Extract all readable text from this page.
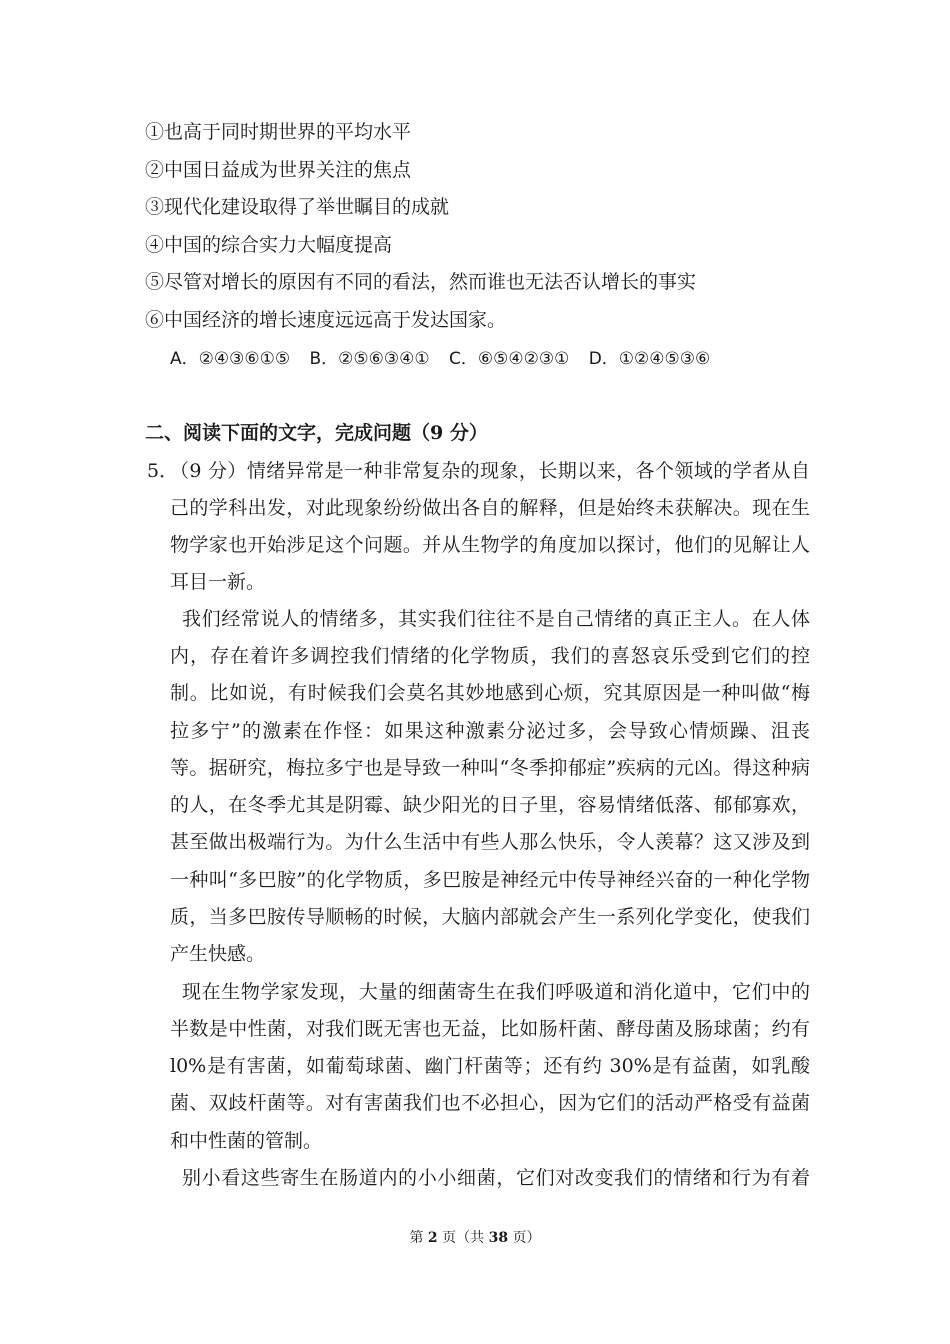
①也高于同时期世界的平均水平
②中国日益成为世界关注的焦点
③现代化建设取得了举世瞩目的成就
④中国的综合实力大幅度提高
⑤尽管对增长的原因有不同的看法，然而谁也无法否认增长的事实
⑥中国经济的增长速度远远高于发达国家。
A．②④③⑥①⑤ B．②⑤⑥③④① C．⑥⑤④②③① D．①②④⑤③⑥
二、阅读下面的文字，完成问题（9 分）
5．
（9 分）情绪异常是一种非常复杂的现象，长期以来，各个领域的学者从自
己的学科出发，对此现象纷纷做出各自的解释，但是始终未获解决。现在生
物学家也开始涉足这个问题。并从生物学的角度加以探讨，他们的见解让人
耳目一新。
我们经常说人的情绪多，其实我们往往不是自己情绪的真正主人。在人体
内，存在着许多调控我们情绪的化学物质，我们的喜怒哀乐受到它们的控
制。比如说，有时候我们会莫名其妙地感到心烦，究其原因是一种叫做“梅
拉多宁”的激素在作怪：如果这种激素分泌过多，会导致心情烦躁、沮丧
等。据研究，梅拉多宁也是导致一种叫“冬季抑郁症”疾病的元凶。得这种病
的人，在冬季尤其是阴霉、缺少阳光的日子里，容易情绪低落、郁郁寡欢，
甚至做出极端行为。为什么生活中有些人那么快乐，令人羡幕？这又涉及到
一种叫“多巴胺”的化学物质，多巴胺是神经元中传导神经兴奋的一种化学物
质，当多巴胺传导顺畅的时候，大脑内部就会产生一系列化学变化，使我们
产生快感。
现在生物学家发现，大量的细菌寄生在我们呼吸道和消化道中，它们中的
半数是中性菌，对我们既无害也无益，比如肠杆菌、酵母菌及肠球菌；约有
l0%是有害菌，如葡萄球菌、幽门杆菌等；还有约 30%是有益菌，如乳酸
菌、双歧杆菌等。对有害菌我们也不必担心，因为它们的活动严格受有益菌
和中性菌的管制。
别小看这些寄生在肠道内的小小细菌，它们对改变我们的情绪和行为有着
第 2 页（共 38 页）
